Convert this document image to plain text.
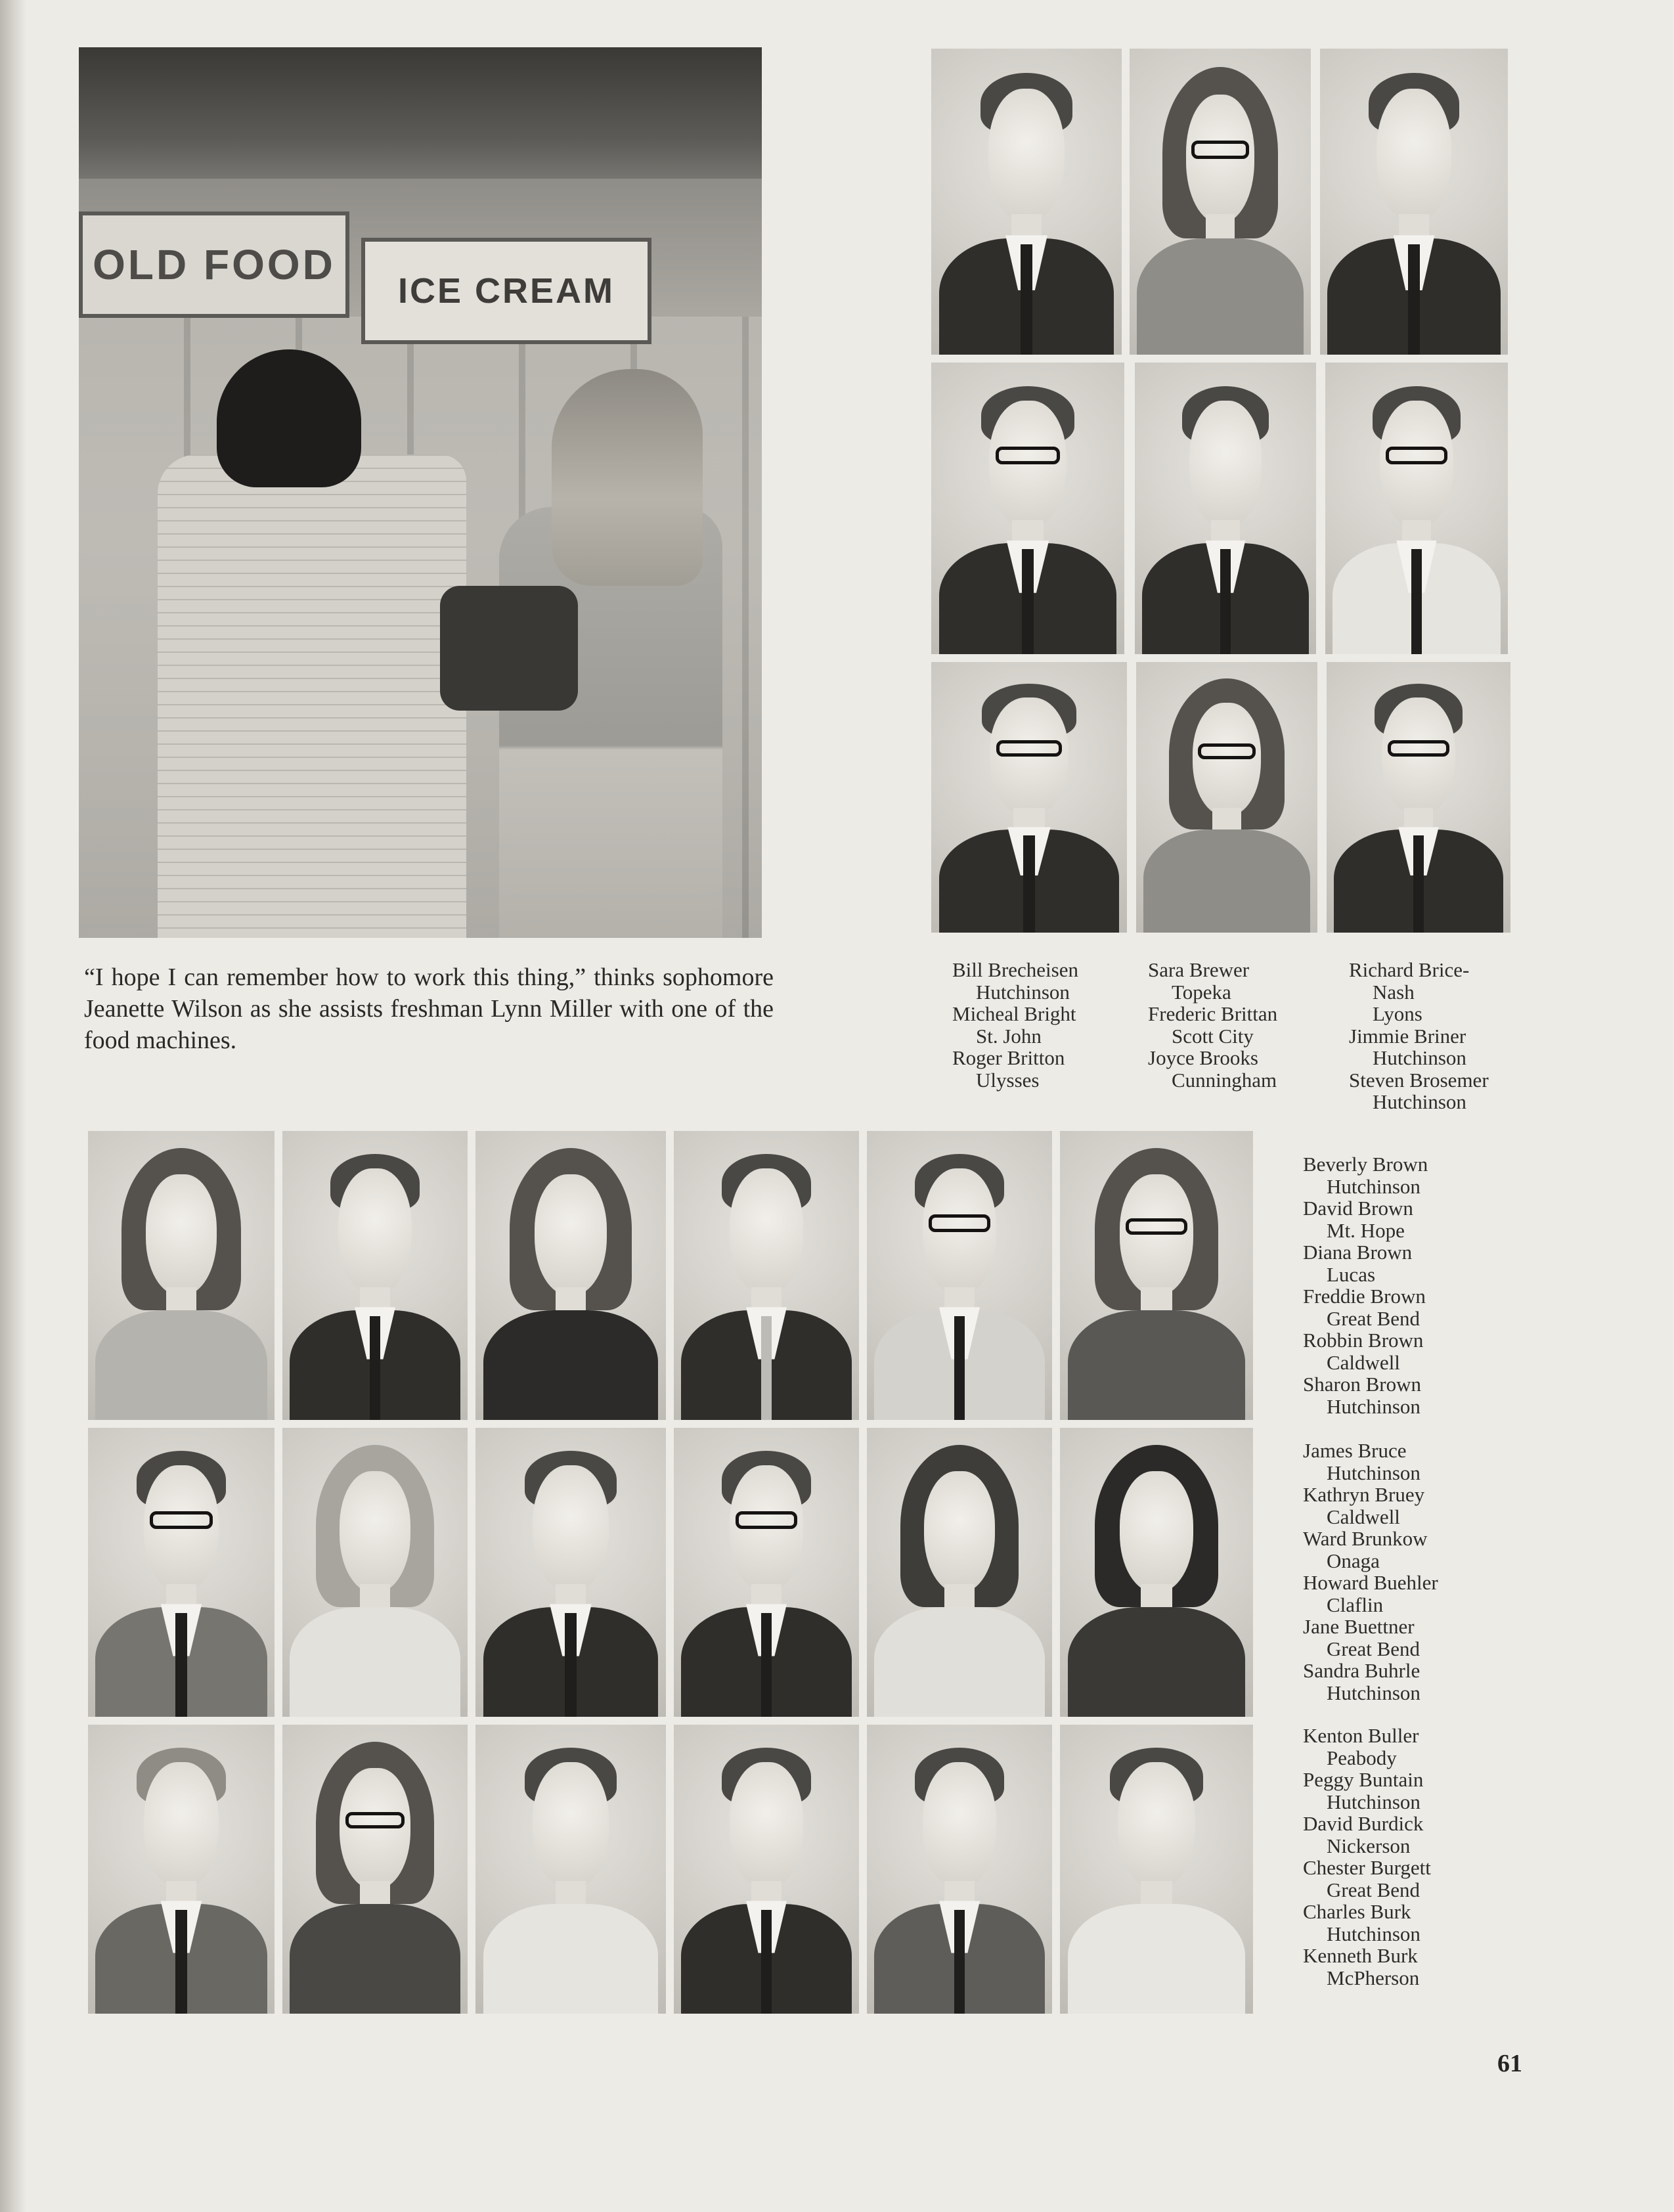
OLD FOOD
ICE CREAM

“I hope I can remember how to work this thing,” thinks sophomore Jeanette Wilson as she assists freshman Lynn Miller with one of the food machines.

Bill Brecheisen
Hutchinson
Micheal Bright
St. John
Roger Britton
Ulysses
Sara Brewer
Topeka
Frederic Brittan
Scott City
Joyce Brooks
Cunningham
Richard Brice-
Nash
Lyons
Jimmie Briner
Hutchinson
Steven Brosemer
Hutchinson
Beverly Brown
Hutchinson
David Brown
Mt. Hope
Diana Brown
Lucas
Freddie Brown
Great Bend
Robbin Brown
Caldwell
Sharon Brown
Hutchinson
James Bruce
Hutchinson
Kathryn Bruey
Caldwell
Ward Brunkow
Onaga
Howard Buehler
Claflin
Jane Buettner
Great Bend
Sandra Buhrle
Hutchinson
Kenton Buller
Peabody
Peggy Buntain
Hutchinson
David Burdick
Nickerson
Chester Burgett
Great Bend
Charles Burk
Hutchinson
Kenneth Burk
McPherson
61
